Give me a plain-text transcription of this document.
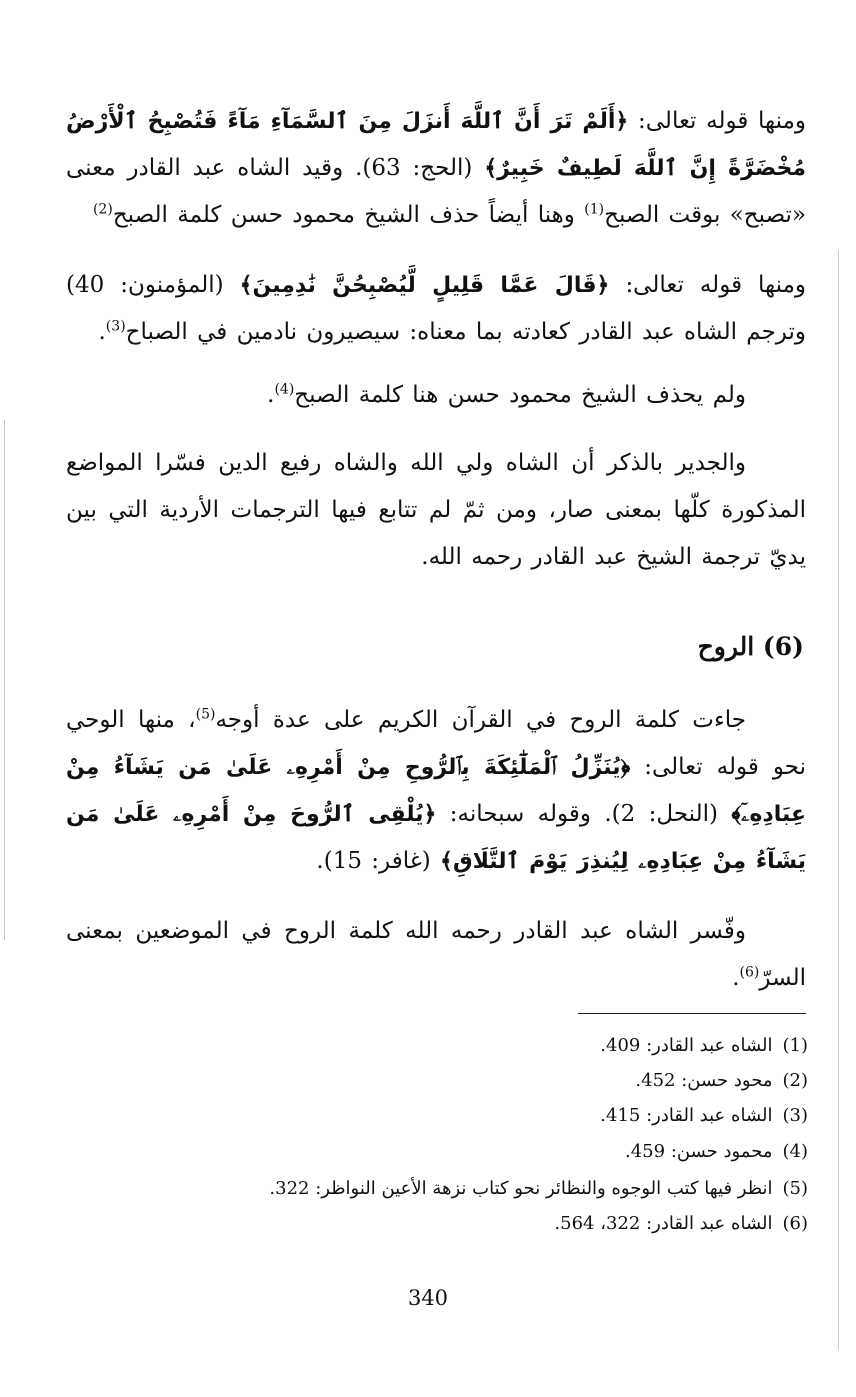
ومنها قوله تعالى: ﴿أَلَمْ تَرَ أَنَّ ٱللَّهَ أَنزَلَ مِنَ ٱلسَّمَآءِ مَآءً فَتُصْبِحُ ٱلْأَرْضُ مُخْضَرَّةً إِنَّ ٱللَّهَ لَطِيفٌ خَبِيرٌ﴾ (الحج: 63). وقيد الشاه عبد القادر معنى «تصبح» بوقت الصبح$^{(1)}$ وهنا أيضاً حذف الشيخ محمود حسن كلمة الصبح$^{(2)}$

ومنها قوله تعالى: ﴿قَالَ عَمَّا قَلِيلٍ لَّيُصْبِحُنَّ نَٰدِمِينَ﴾ (المؤمنون: 40) وترجم الشاه عبد القادر كعادته بما معناه: سيصيرون نادمين في الصباح$^{(3)}$.

ولم يحذف الشيخ محمود حسن هنا كلمة الصبح$^{(4)}$.

والجدير بالذكر أن الشاه ولي الله والشاه رفيع الدين فسّرا المواضع المذكورة كلّها بمعنى صار، ومن ثمّ لم تتابع فيها الترجمات الأردية التي بين يديّ ترجمة الشيخ عبد القادر رحمه الله.

(6) الروح

جاءت كلمة الروح في القرآن الكريم على عدة أوجه$^{(5)}$، منها الوحي نحو قوله تعالى: ﴿يُنَزِّلُ ٱلْمَلَٰٓئِكَةَ بِٱلرُّوحِ مِنْ أَمْرِهِۦ عَلَىٰ مَن يَشَآءُ مِنْ عِبَادِهِۦٓ﴾ (النحل: 2). وقوله سبحانه: ﴿يُلْقِى ٱلرُّوحَ مِنْ أَمْرِهِۦ عَلَىٰ مَن يَشَآءُ مِنْ عِبَادِهِۦ لِيُنذِرَ يَوْمَ ٱلتَّلَاقِ﴾ (غافر: 15).

وفّسر الشاه عبد القادر رحمه الله كلمة الروح في الموضعين بمعنى السرّ$^{(6)}$.

(1)الشاه عبد القادر: 409.
(2)محود حسن: 452.
(3)الشاه عبد القادر: 415.
(4)محمود حسن: 459.
(5)انظر فيها كتب الوجوه والنظائر نحو كتاب نزهة الأعين النواظر: 322.
(6)الشاه عبد القادر: 322، 564.
340
